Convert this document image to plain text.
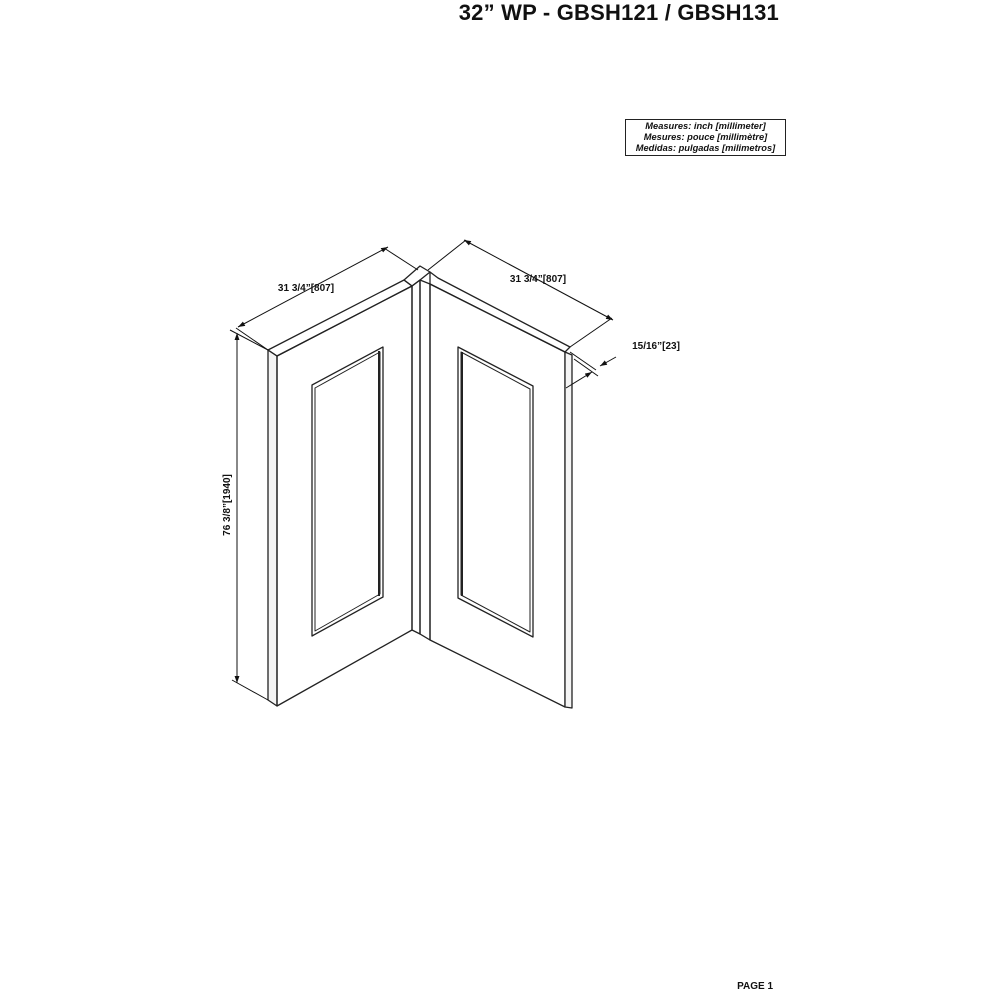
32” WP - GBSH121 / GBSH131
Measures: inch [millimeter]
Mesures: pouce [millimètre]
Medidas: pulgadas [milimetros]
31 3/4”[807]
31 3/4”[807]
15/16”[23]
76 3/8”[1940]
PAGE 1
